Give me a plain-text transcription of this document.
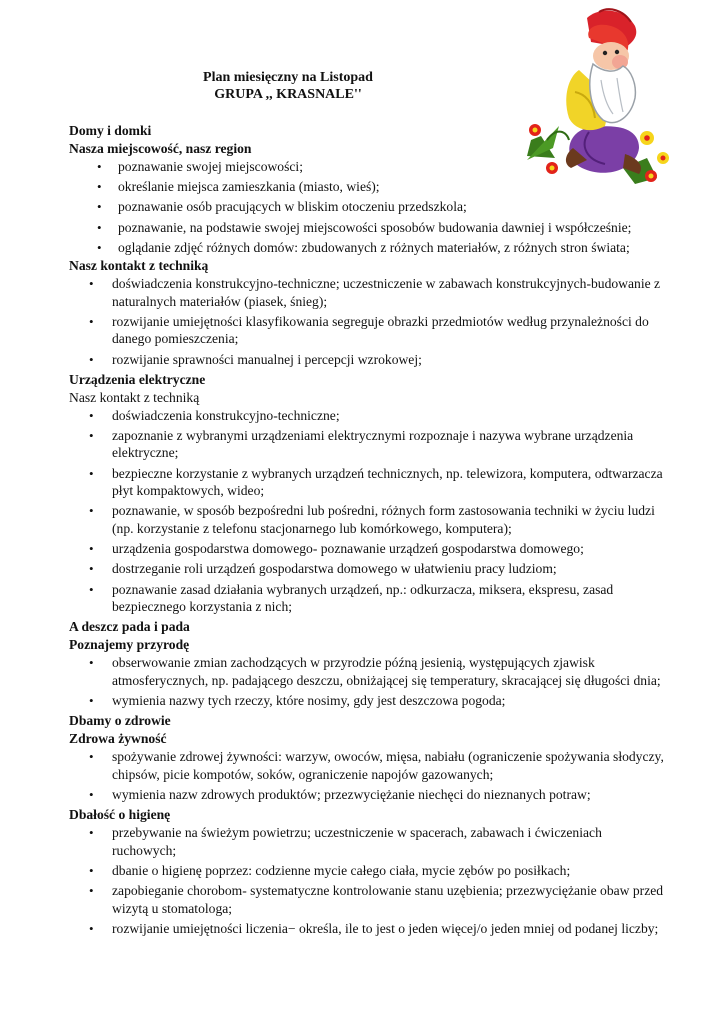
Plan miesięczny na Listopad
GRUPA ,, KRASNALE''
Domy i domki
Nasza miejscowość, nasz region
• poznawanie swojej miejscowości;
• określanie miejsca zamieszkania (miasto, wieś);
• poznawanie osób pracujących w bliskim otoczeniu przedszkola;
• poznawanie, na podstawie swojej miejscowości sposobów budowania dawniej i współcześnie;
• oglądanie zdjęć różnych domów: zbudowanych z różnych materiałów, z różnych stron świata;
Nasz kontakt z techniką
• doświadczenia konstrukcyjno-techniczne; uczestniczenie w zabawach konstrukcyjnych-budowanie z naturalnych materiałów (piasek, śnieg);
• rozwijanie umiejętności klasyfikowania segreguje obrazki przedmiotów według przynależności do danego pomieszczenia;
• rozwijanie sprawności manualnej i percepcji wzrokowej;
Urządzenia elektryczne
Nasz kontakt z techniką
• doświadczenia konstrukcyjno-techniczne;
• zapoznanie z wybranymi urządzeniami elektrycznymi rozpoznaje i nazywa wybrane urządzenia elektryczne;
• bezpieczne korzystanie z wybranych urządzeń technicznych, np. telewizora, komputera, odtwarzacza płyt kompaktowych, wideo;
• poznawanie, w sposób bezpośredni lub pośredni, różnych form zastosowania techniki w życiu ludzi (np. korzystanie z telefonu stacjonarnego lub komórkowego, komputera);
• urządzenia gospodarstwa domowego- poznawanie urządzeń gospodarstwa domowego;
• dostrzeganie roli urządzeń gospodarstwa domowego w ułatwieniu pracy ludziom;
• poznawanie zasad działania wybranych urządzeń, np.: odkurzacza, miksera, ekspresu, zasad bezpiecznego korzystania z nich;
A deszcz pada i pada
Poznajemy przyrodę
• obserwowanie zmian zachodzących w przyrodzie późną jesienią, występujących zjawisk atmosferycznych, np. padającego deszczu, obniżającej się temperatury, skracającej się długości dnia;
• wymienia nazwy tych rzeczy, które nosimy, gdy jest deszczowa pogoda;
Dbamy o zdrowie
Zdrowa żywność
• spożywanie zdrowej żywności: warzyw, owoców, mięsa, nabiału (ograniczenie spożywania słodyczy, chipsów, picie kompotów, soków, ograniczenie napojów gazowanych;
• wymienia nazw zdrowych produktów; przezwyciężanie niechęci do nieznanych potraw;
Dbałość o higienę
• przebywanie na świeżym powietrzu; uczestniczenie w spacerach, zabawach i ćwiczeniach ruchowych;
• dbanie o higienę poprzez: codzienne mycie całego ciała, mycie zębów po posiłkach;
• zapobieganie chorobom- systematyczne kontrolowanie stanu uzębienia; przezwyciężanie obaw przed wizytą u stomatologa;
• rozwijanie umiejętności liczenia− określa, ile to jest o jeden więcej/o jeden mniej od podanej liczby;
